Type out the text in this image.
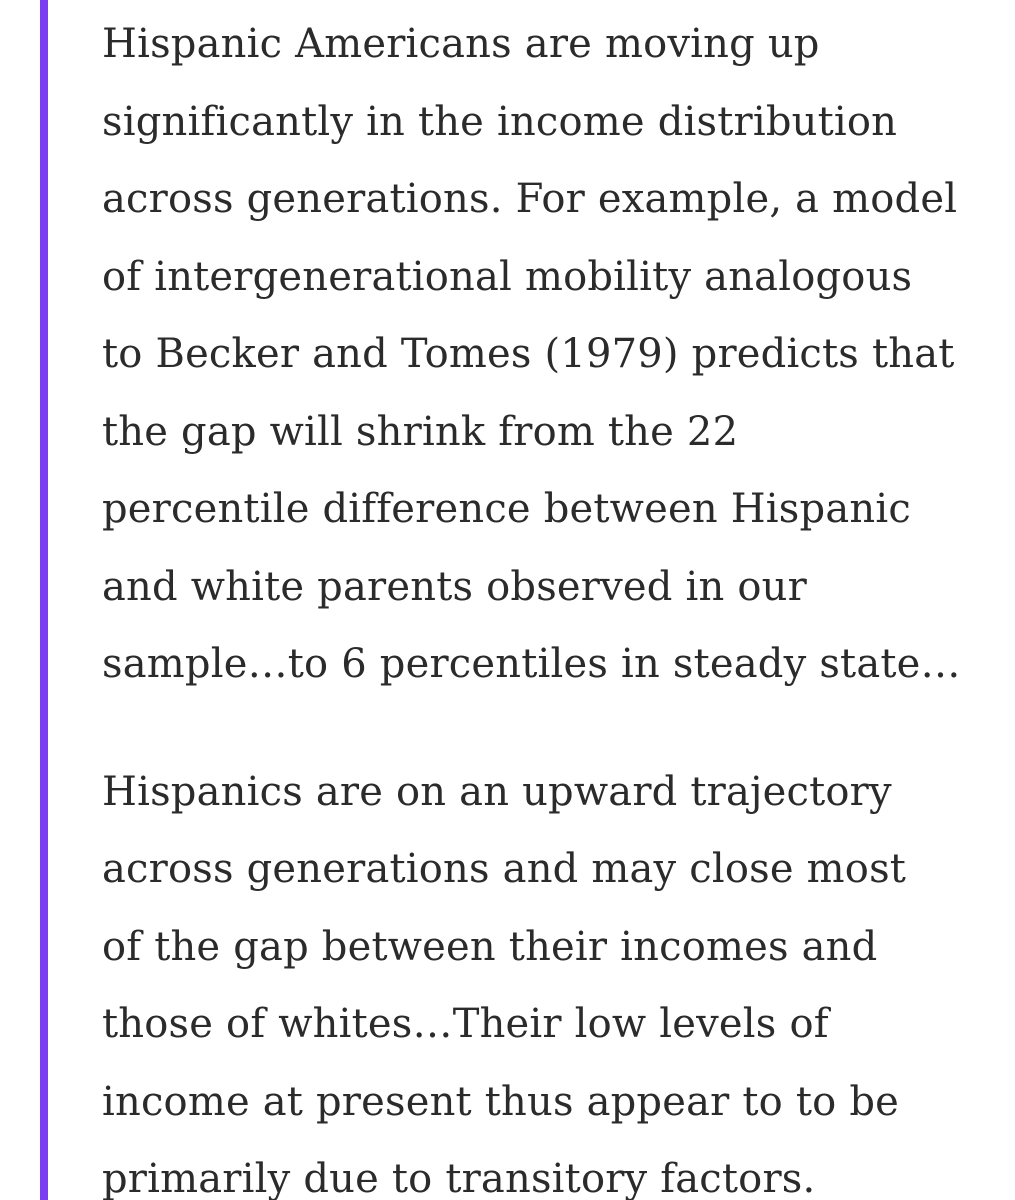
Hispanic Americans are moving up
significantly in the income distribution
across generations. For example, a model
of intergenerational mobility analogous
to Becker and Tomes (1979) predicts that
the gap will shrink from the 22
percentile difference between Hispanic
and white parents observed in our
sample…to 6 percentiles in steady state…
Hispanics are on an upward trajectory
across generations and may close most
of the gap between their incomes and
those of whites…Their low levels of
income at present thus appear to to be
primarily due to transitory factors.
